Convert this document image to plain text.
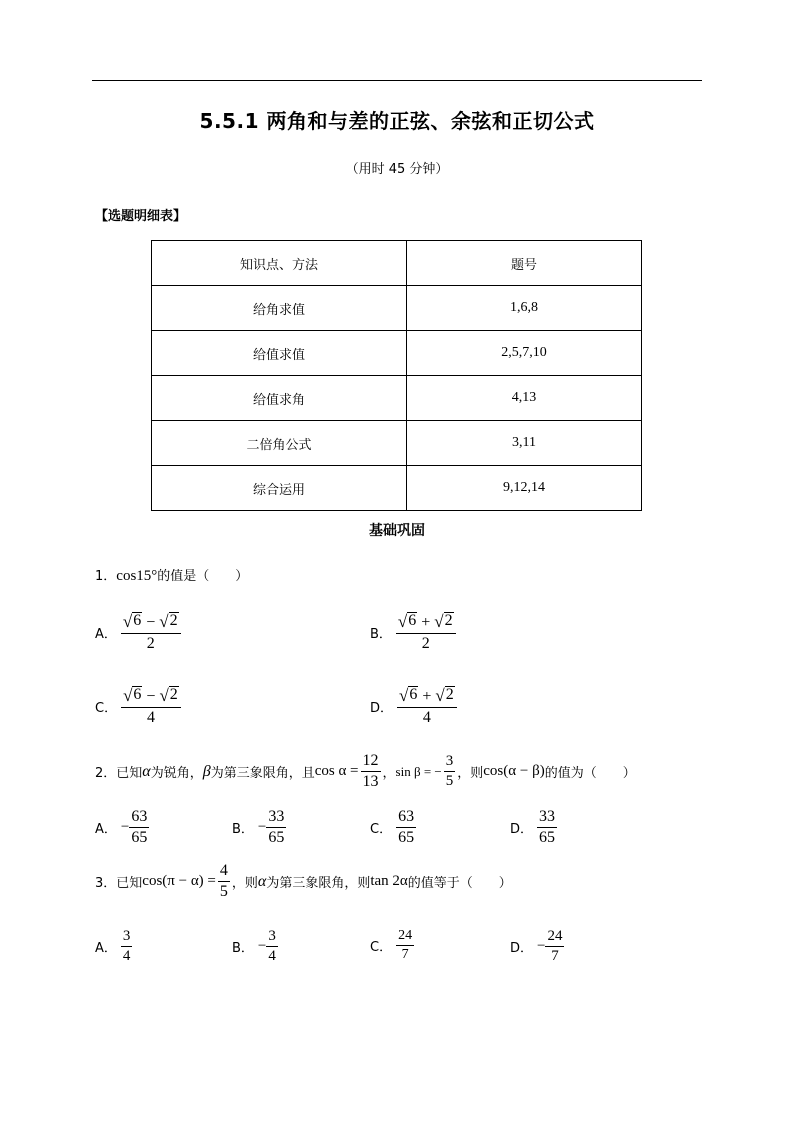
5.5.1 两角和与差的正弦、余弦和正切公式
（用时 45 分钟）
【选题明细表】
知识点、方法	题号
给角求值	1,6,8
给值求值	2,5,7,10
给值求角	4,13
二倍角公式	3,11
综合运用	9,12,14
基础巩固
1．cos15°的值是（　　）
A． $\frac{√ 6 - √ 2}{2}$	B． $\frac{√ 6 + √ 2}{2}$
C． $\frac{√ 6 - √ 2}{4}$	D． $\frac{√ 6 + √ 2}{4}$
2． 已知 α 为锐角， β 为第三象限角，且 $\cos \alpha = \frac{12}{13}$ ， sin β = − $\frac{3}{5}$ ，则 cos(α − β) 的值为（　　）
A． − $\frac{63}{65}$	B． − $\frac{33}{65}$	C． $\frac{63}{65}$	D． $\frac{33}{65}$
3． 已知 $\cos(\pi - \alpha) = \frac{4}{5}$ ，则 α 为第三象限角，则 tan 2α 的值等于（　　）
A． $\frac{3}{4}$	B． − $\frac{3}{4}$	C． $\frac{24}{7}$	D． − $\frac{24}{7}$
